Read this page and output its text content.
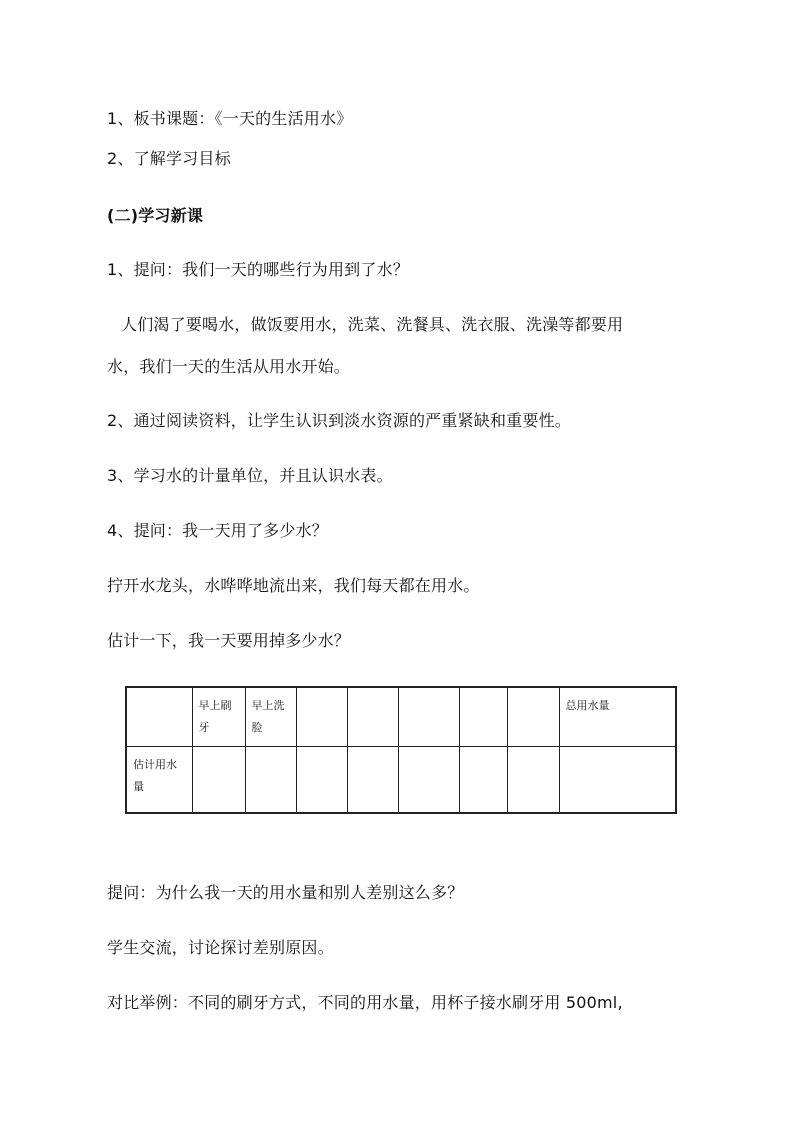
1、板书课题：《一天的生活用水》
2、了解学习目标
(二)学习新课
1、提问：我们一天的哪些行为用到了水？
人们渴了要喝水，做饭要用水，洗菜、洗餐具、洗衣服、洗澡等都要用
水，我们一天的生活从用水开始。
2、通过阅读资料，让学生认识到淡水资源的严重紧缺和重要性。
3、学习水的计量单位，并且认识水表。
4、提问：我一天用了多少水？
拧开水龙头，水哗哗地流出来，我们每天都在用水。
估计一下，我一天要用掉多少水？

	早上刷牙	早上洗脸						总用水量

估计用水量								

提问：为什么我一天的用水量和别人差别这么多？
学生交流，讨论探讨差别原因。
对比举例：不同的刷牙方式，不同的用水量，用杯子接水刷牙用 500ml,
